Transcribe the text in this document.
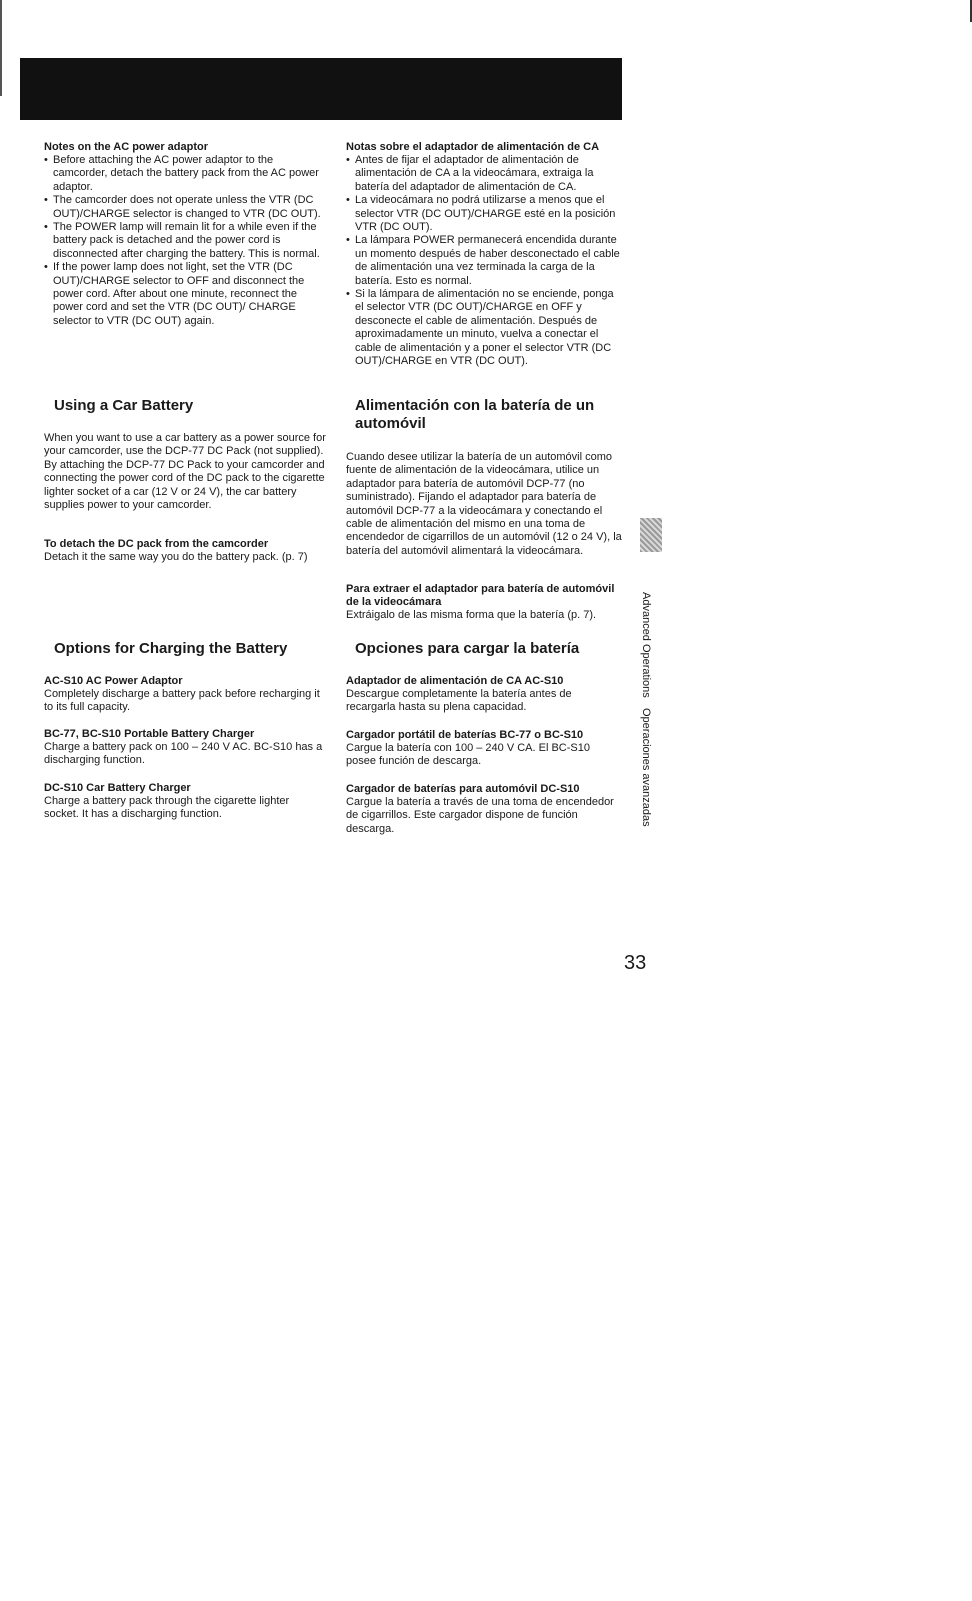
Notes on the AC power adaptor

• Before attaching the AC power adaptor to the camcorder, detach the battery pack from the AC power adaptor.
• The camcorder does not operate unless the VTR (DC OUT)/CHARGE selector is changed to VTR (DC OUT).
• The POWER lamp will remain lit for a while even if the battery pack is detached and the power cord is disconnected after charging the battery. This is normal.
• If the power lamp does not light, set the VTR (DC OUT)/CHARGE selector to OFF and disconnect the power cord. After about one minute, reconnect the power cord and set the VTR (DC OUT)/ CHARGE selector to VTR (DC OUT) again.
Using a Car Battery

When you want to use a car battery as a power source for your camcorder, use the DCP-77 DC Pack (not supplied). By attaching the DCP-77 DC Pack to your camcorder and connecting the power cord of the DC pack to the cigarette lighter socket of a car (12 V or 24 V), the car battery supplies power to your camcorder.

To detach the DC pack from the camcorder

Detach it the same way you do the battery pack. (p. 7)

Options for Charging the Battery

AC-S10 AC Power Adaptor

Completely discharge a battery pack before recharging it to its full capacity.

BC-77, BC-S10 Portable Battery Charger

Charge a battery pack on 100 – 240 V AC. BC-S10 has a discharging function.

DC-S10 Car Battery Charger

Charge a battery pack through the cigarette lighter socket. It has a discharging function.

Notas sobre el adaptador de alimentación de CA

• Antes de fijar el adaptador de alimentación de alimentación de CA a la videocámara, extraiga la batería del adaptador de alimentación de CA.
• La videocámara no podrá utilizarse a menos que el selector VTR (DC OUT)/CHARGE esté en la posición VTR (DC OUT).
• La lámpara POWER permanecerá encendida durante un momento después de haber desconectado el cable de alimentación una vez terminada la carga de la batería. Esto es normal.
• Si la lámpara de alimentación no se enciende, ponga el selector VTR (DC OUT)/CHARGE en OFF y desconecte el cable de alimentación. Después de aproximadamente un minuto, vuelva a conectar el cable de alimentación y a poner el selector VTR (DC OUT)/CHARGE en VTR (DC OUT).
Alimentación con la batería de un automóvil

Cuando desee utilizar la batería de un automóvil como fuente de alimentación de la videocámara, utilice un adaptador para batería de automóvil DCP-77 (no suministrado). Fijando el adaptador para batería de automóvil DCP-77 a la videocámara y conectando el cable de alimentación del mismo en una toma de encendedor de cigarrillos de un automóvil (12 o 24 V), la batería del automóvil alimentará la videocámara.

Para extraer el adaptador para batería de automóvil de la videocámara

Extráigalo de las misma forma que la batería (p. 7).

Opciones para cargar la batería

Adaptador de alimentación de CA AC-S10

Descargue completamente la batería antes de recargarla hasta su plena capacidad.

Cargador portátil de baterías BC-77 o BC-S10

Cargue la batería con 100 – 240 V CA. El BC-S10 posee función de descarga.

Cargador de baterías para automóvil DC-S10

Cargue la batería a través de una toma de encendedor de cigarrillos. Este cargador dispone de función descarga.

Advanced Operations
Operaciones avanzadas
33
